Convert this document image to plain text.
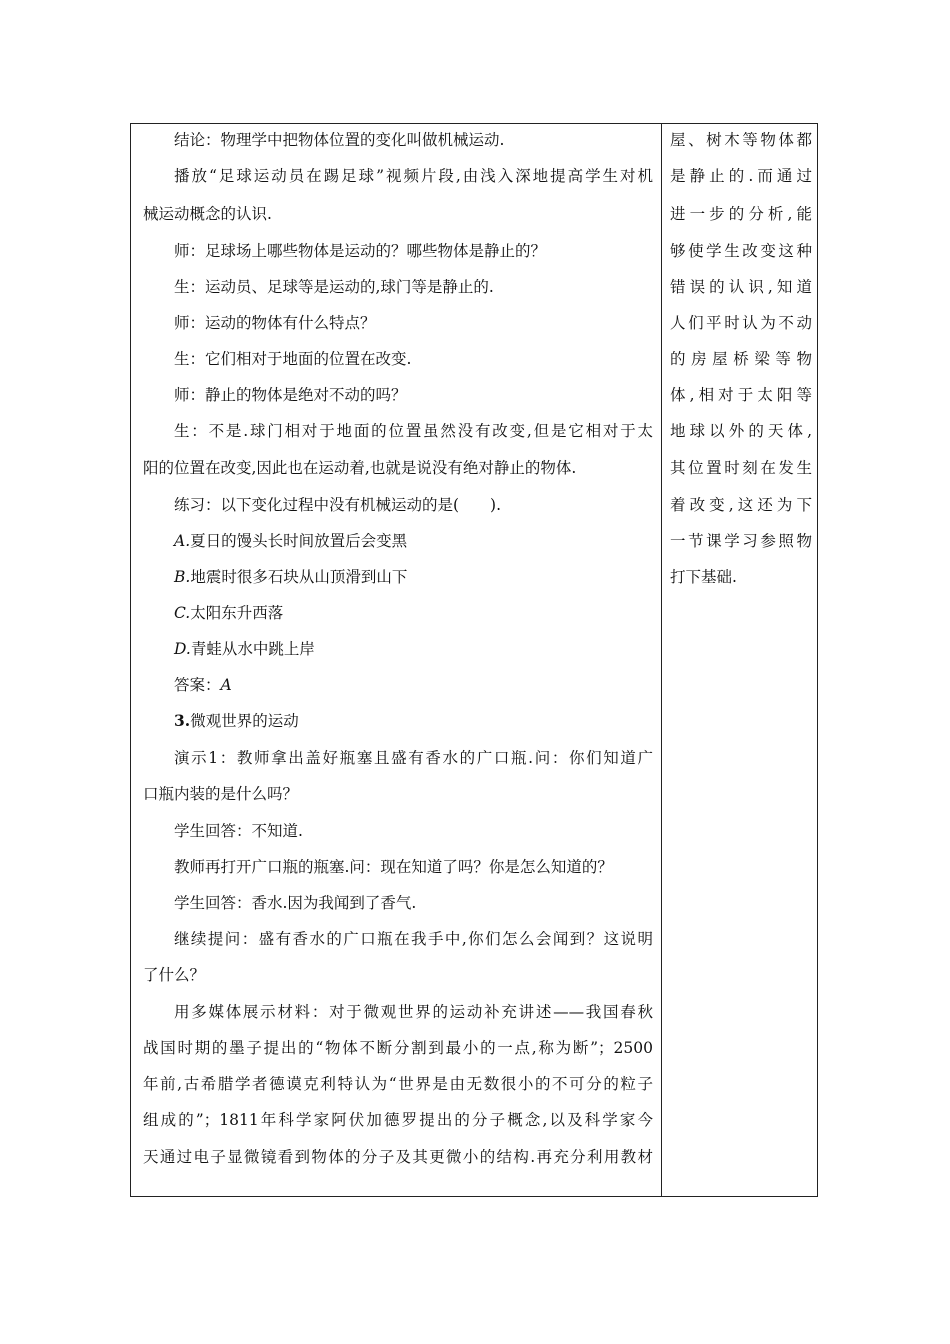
结论：物理学中把物体位置的变化叫做机械运动.
播放“足球运动员在踢足球”视频片段,由浅入深地提高学生对机
械运动概念的认识.
师：足球场上哪些物体是运动的？哪些物体是静止的？
生：运动员、足球等是运动的,球门等是静止的.
师：运动的物体有什么特点？
生：它们相对于地面的位置在改变.
师：静止的物体是绝对不动的吗？
生：不是.球门相对于地面的位置虽然没有改变,但是它相对于太
阳的位置在改变,因此也在运动着,也就是说没有绝对静止的物体.
练习：以下变化过程中没有机械运动的是(　　).
A.夏日的馒头长时间放置后会变黑
B.地震时很多石块从山顶滑到山下
C.太阳东升西落
D.青蛙从水中跳上岸
答案：A
3.微观世界的运动
演示1：教师拿出盖好瓶塞且盛有香水的广口瓶.问：你们知道广
口瓶内装的是什么吗？
学生回答：不知道.
教师再打开广口瓶的瓶塞.问：现在知道了吗？你是怎么知道的？
学生回答：香水.因为我闻到了香气.
继续提问：盛有香水的广口瓶在我手中,你们怎么会闻到？这说明
了什么？
用多媒体展示材料：对于微观世界的运动补充讲述——我国春秋
战国时期的墨子提出的“物体不断分割到最小的一点,称为断”；2500
年前,古希腊学者德谟克利特认为“世界是由无数很小的不可分的粒子
组成的”；1811年科学家阿伏加德罗提出的分子概念,以及科学家今
天通过电子显微镜看到物体的分子及其更微小的结构.再充分利用教材
屋、树木等物体都
是静止的.而通过
进一步的分析,能
够使学生改变这种
错误的认识,知道
人们平时认为不动
的房屋桥梁等物
体,相对于太阳等
地球以外的天体,
其位置时刻在发生
着改变,这还为下
一节课学习参照物
打下基础.
